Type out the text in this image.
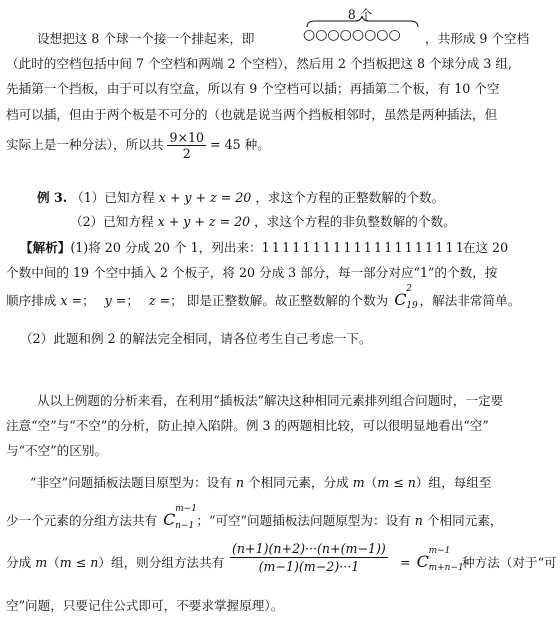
8 个
设想把这 8 个球一个接一个排起来，即	○○○○○○○○ ，共形成 9 个空档
（此时的空档包括中间 7 个空档和两端 2 个空档），然后用 2 个挡板把这 8 个球分成 3 组,
先插第一个挡板，由于可以有空盒，所以有 9 个空档可以插；再插第二个板，有 10 个空
档可以插，但由于两个板是不可分的（也就是说当两个挡板相邻时，虽然是两种插法，但
实际上是一种分法），所以共 $\frac{9\times 10}{2} = 45$ 种。
例 3. （1）已知方程 x + y + z = 20 ，求这个方程的正整数解的个数。
（2）已知方程 x + y + z = 20 ，求这个方程的非负整数解的个数。
【解析】(1)将 20 分成 20 个 1，列出来：1 1 1 1 1 1 1 1 1 1 1 1 1 1 1 1 1 1 1 1在这 20
个数中间的 19 个空中插入 2 个板子，将 20 分成 3 部分，每一部分对应“1”的个数，按
顺序排成 x =； y =； z =； 即是正整数解。故正整数解的个数为 C
2
19 ，解法非常简单。
（2）此题和例 2 的解法完全相同，请各位考生自己考虑一下。
从以上例题的分析来看，在利用“插板法”解决这种相同元素排列组合问题时，一定要
注意“空”与“不空”的分析，防止掉入陷阱。例 3 的两题相比较，可以很明显地看出“空”
与“不空”的区别。
“非空”问题插板法题目原型为：设有 n 个相同元素，分成 m（m ≤ n）组，每组至
少一个元素的分组方法共有 C
m−1
n−1 ；“可空”问题插板法问题原型为：设有 n 个相同元素，
分成 m（m ≤ n）组，则分组方法共有 $\frac{(n+1)(n+2)\cdot\cdot\cdot(n+(m-1))}{(m-1)(m-2)\cdot\cdot\cdot 1} = C$
m−1
m+n−1
种方法（对于“可
空”问题，只要记住公式即可，不要求掌握原理）。
